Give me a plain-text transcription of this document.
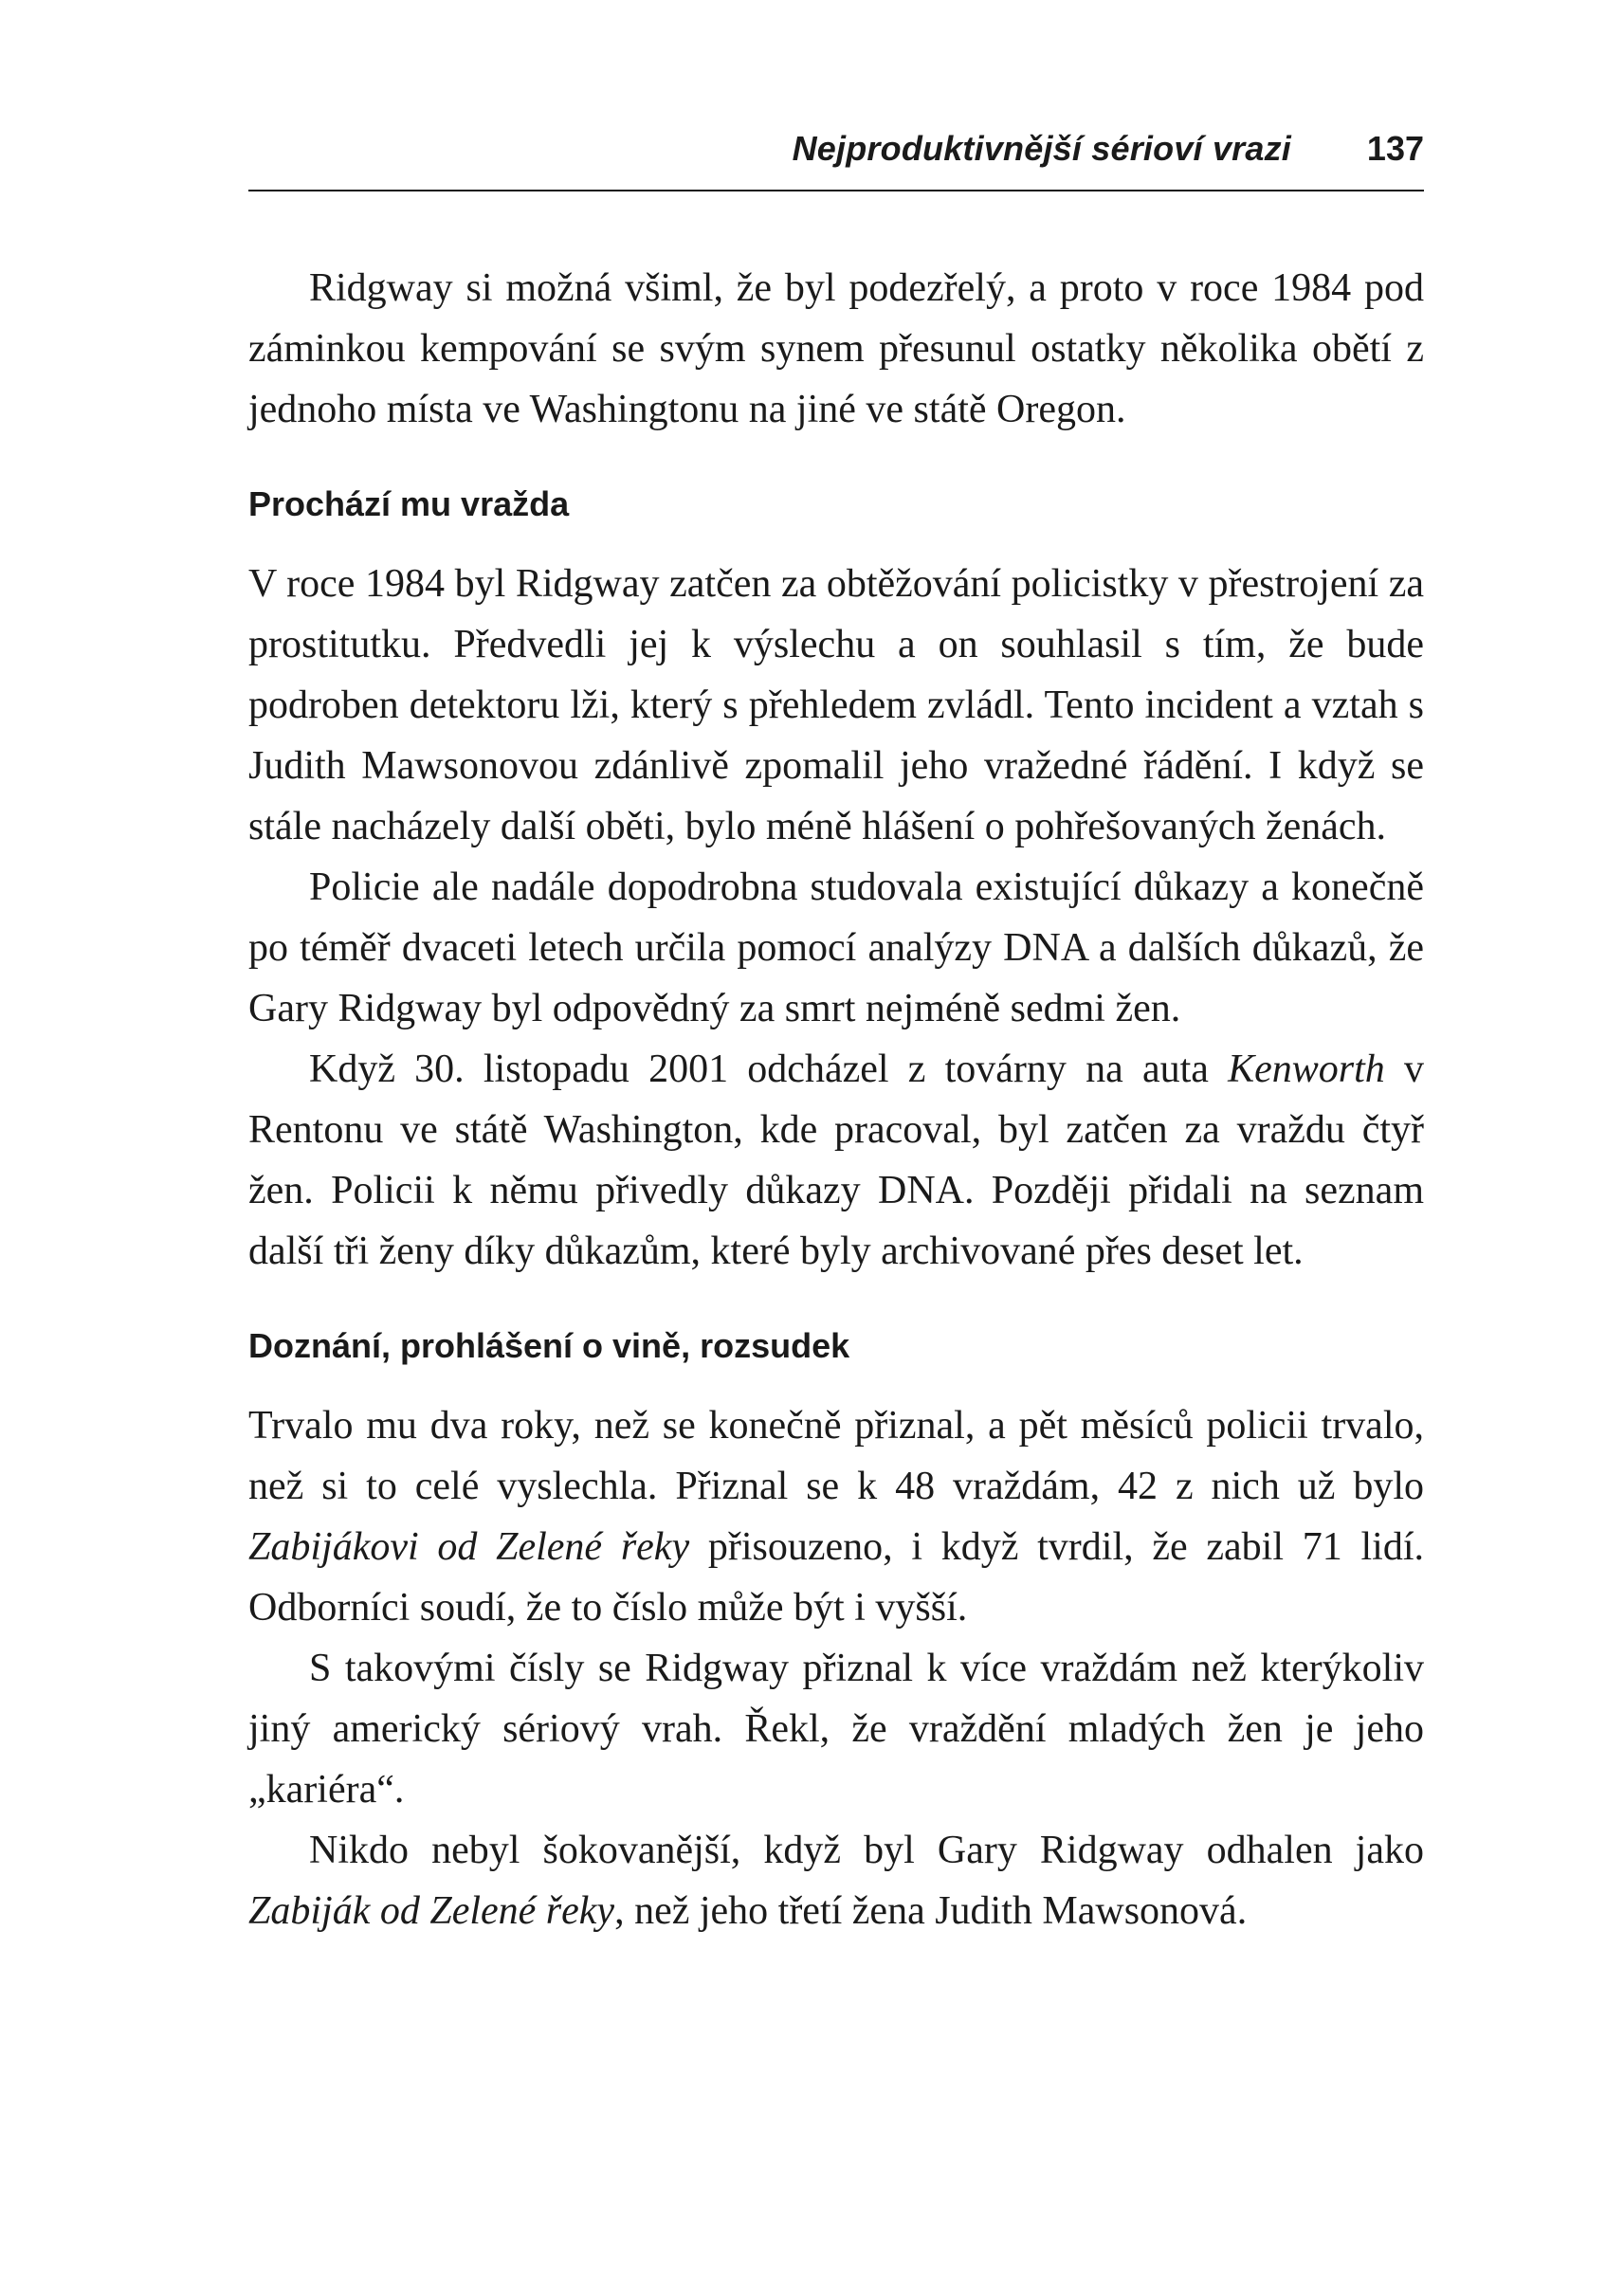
Nejproduktivnější sérioví vrazi 137

Ridgway si možná všiml, že byl podezřelý, a proto v roce 1984 pod záminkou kempování se svým synem přesunul ostatky několika obětí z jednoho místa ve Washingtonu na jiné ve státě Oregon.

Prochází mu vražda

V roce 1984 byl Ridgway zatčen za obtěžování policistky v přestrojení za prostitutku. Předvedli jej k výslechu a on souhlasil s tím, že bude podroben detektoru lži, který s přehledem zvládl. Tento incident a vztah s Judith Mawsonovou zdánlivě zpomalil jeho vražedné řádění. I když se stále nacházely další oběti, bylo méně hlášení o pohřešovaných ženách.

Policie ale nadále dopodrobna studovala existující důkazy a konečně po téměř dvaceti letech určila pomocí analýzy DNA a dalších důkazů, že Gary Ridgway byl odpovědný za smrt nejméně sedmi žen.

Když 30. listopadu 2001 odcházel z továrny na auta Kenworth v Rentonu ve státě Washington, kde pracoval, byl zatčen za vraždu čtyř žen. Policii k němu přivedly důkazy DNA. Později přidali na seznam další tři ženy díky důkazům, které byly archivované přes deset let.

Doznání, prohlášení o vině, rozsudek

Trvalo mu dva roky, než se konečně přiznal, a pět měsíců policii trvalo, než si to celé vyslechla. Přiznal se k 48 vraždám, 42 z nich už bylo Zabijákovi od Zelené řeky přisouzeno, i když tvrdil, že zabil 71 lidí. Odborníci soudí, že to číslo může být i vyšší.

S takovými čísly se Ridgway přiznal k více vraždám než kterýkoliv jiný americký sériový vrah. Řekl, že vraždění mladých žen je jeho „kariéra“.

Nikdo nebyl šokovanější, když byl Gary Ridgway odhalen jako Zabiják od Zelené řeky, než jeho třetí žena Judith Mawsonová.
